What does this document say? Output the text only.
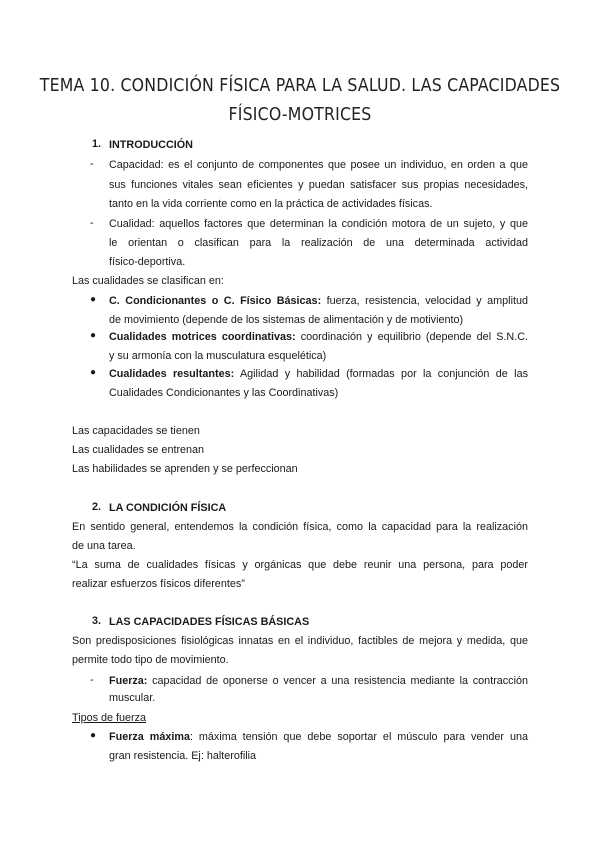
TEMA 10. CONDICIÓN FÍSICA PARA LA SALUD. LAS CAPACIDADES
FÍSICO-MOTRICES
1. INTRODUCCIÓN
- Capacidad: es el conjunto de componentes que posee un individuo, en orden a que
sus funciones vitales sean eficientes y puedan satisfacer sus propias necesidades,
tanto en la vida corriente como en la práctica de actividades físicas.
- Cualidad: aquellos factores que determinan la condición motora de un sujeto, y que
le orientan o clasifican para la realización de una determinada actividad
físico-deportiva.
Las cualidades se clasifican en:
● C. Condicionantes o C. Físico Básicas: fuerza, resistencia, velocidad y amplitud
de movimiento (depende de los sistemas de alimentación y de motiviento)
● Cualidades motrices coordinativas: coordinación y equilibrio (depende del S.N.C.
y su armonía con la musculatura esquelética)
● Cualidades resultantes: Agilidad y habilidad (formadas por la conjunción de las
Cualidades Condicionantes y las Coordinativas)
Las capacidades se tienen
Las cualidades se entrenan
Las habilidades se aprenden y se perfeccionan
2. LA CONDICIÓN FÍSICA
En sentido general, entendemos la condición física, como la capacidad para la realización
de una tarea.
“La suma de cualidades físicas y orgánicas que debe reunir una persona, para poder
realizar esfuerzos físicos diferentes”
3. LAS CAPACIDADES FÍSICAS BÁSICAS
Son predisposiciones fisiológicas innatas en el individuo, factibles de mejora y medida, que
permite todo tipo de movimiento.
- Fuerza: capacidad de oponerse o vencer a una resistencia mediante la contracción
muscular.
Tipos de fuerza
● Fuerza máxima: máxima tensión que debe soportar el músculo para vender una
gran resistencia. Ej: halterofilia
